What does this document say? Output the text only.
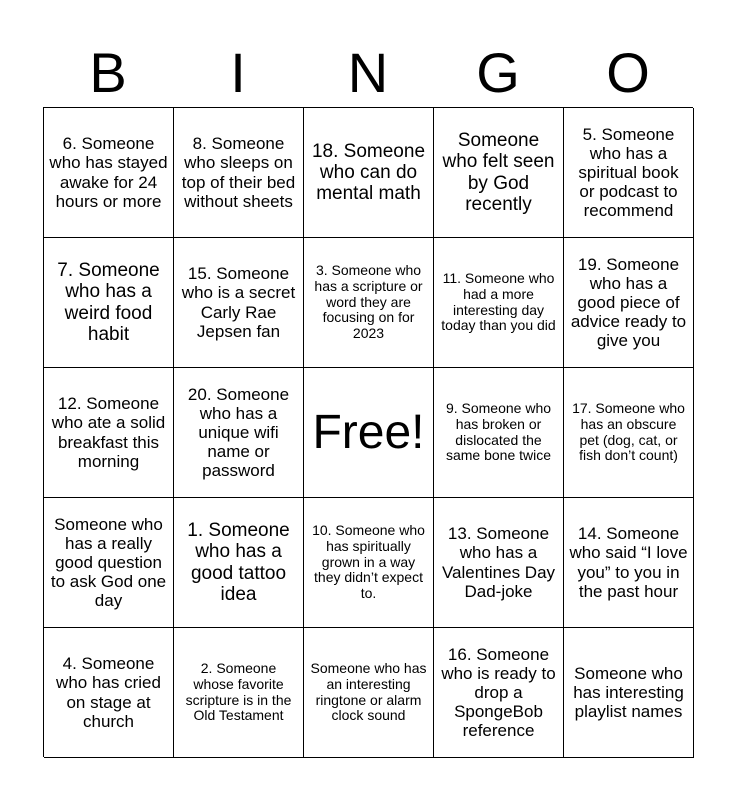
B	I	N	G	O
6. Someone who has stayed awake for 24 hours or more
8. Someone who sleeps on top of their bed without sheets
18. Someone who can do mental math
Someone who felt seen by God recently
5. Someone who has a spiritual book or podcast to recommend
7. Someone who has a weird food habit
15. Someone who is a secret Carly Rae Jepsen fan
3. Someone who has a scripture or word they are focusing on for 2023
11. Someone who had a more interesting day today than you did
19. Someone who has a good piece of advice ready to give you
12. Someone who ate a solid breakfast this morning
20. Someone who has a unique wifi name or password
Free!	9. Someone who has broken or dislocated the same bone twice
17. Someone who has an obscure pet (dog, cat, or fish don’t count)
Someone who has a really good question to ask God one day
1. Someone who has a good tattoo idea
10. Someone who has spiritually grown in a way they didn’t expect to.
13. Someone who has a Valentines Day Dad-joke
14. Someone who said “I love you” to you in the past hour
4. Someone who has cried on stage at church
2. Someone whose favorite scripture is in the Old Testament
Someone who has an interesting ringtone or alarm clock sound
16. Someone who is ready to drop a SpongeBob reference
Someone who has interesting playlist names
